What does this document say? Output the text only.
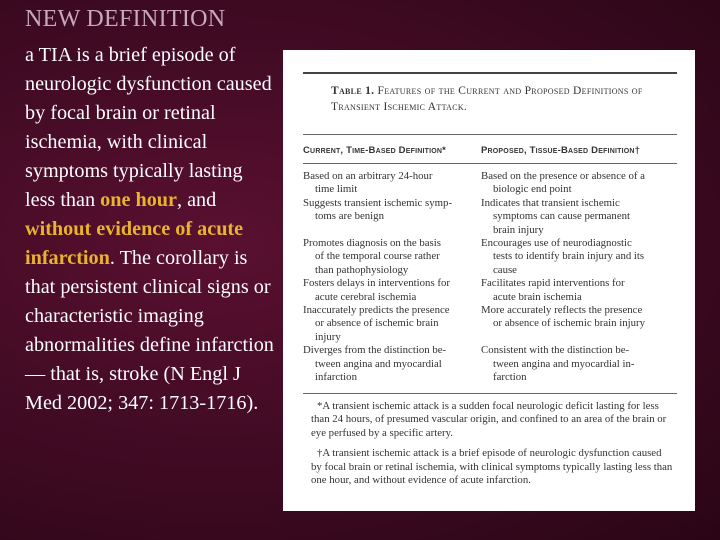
NEW DEFINITION
a TIA is a brief episode of neurologic dysfunction caused by focal brain or retinal ischemia, with clinical symptoms typically lasting less than one hour, and without evidence of acute infarction. The corollary is that persistent clinical signs or characteristic imaging abnormalities define infarction — that is, stroke (N Engl J Med 2002; 347: 1713-1716).
Table 1. Features of the Current and Proposed Definitions of Transient Ischemic Attack.
Current, Time-Based Definition*	Proposed, Tissue-Based Definition†
Based on an arbitrary 24-hour
time limit
Suggests transient ischemic symp-
toms are benign
Promotes diagnosis on the basis
of the temporal course rather
than pathophysiology
Fosters delays in interventions for
acute cerebral ischemia
Inaccurately predicts the presence
or absence of ischemic brain
injury
Diverges from the distinction be-
tween angina and myocardial
infarction
Based on the presence or absence of a
biologic end point
Indicates that transient ischemic
symptoms can cause permanent
brain injury
Encourages use of neurodiagnostic
tests to identify brain injury and its
cause
Facilitates rapid interventions for
acute brain ischemia
More accurately reflects the presence
or absence of ischemic brain injury
Consistent with the distinction be-
tween angina and myocardial in-
farction

*A transient ischemic attack is a sudden focal neurologic deficit lasting for less than 24 hours, of presumed vascular origin, and confined to an area of the brain or eye perfused by a specific artery.

†A transient ischemic attack is a brief episode of neurologic dysfunction caused by focal brain or retinal ischemia, with clinical symptoms typically lasting less than one hour, and without evidence of acute infarction.
